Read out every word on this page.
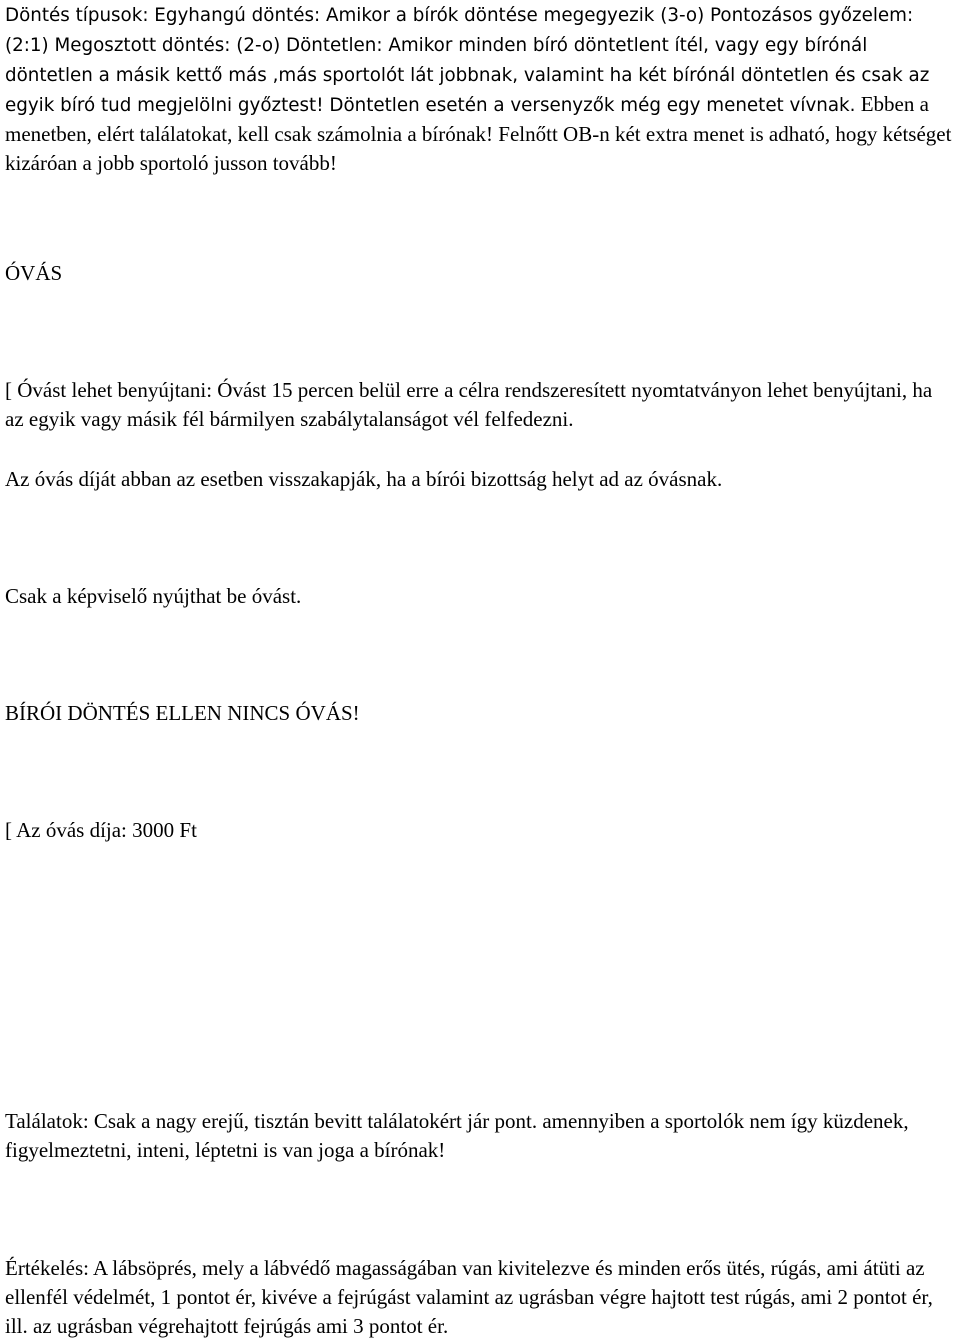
Döntés típusok: Egyhangú döntés: Amikor a bírók döntése megegyezik (3-o) Pontozásos győzelem: (2:1) Megosztott döntés: (2-o) Döntetlen: Amikor minden bíró döntetlent ítél, vagy egy bírónál döntetlen a másik kettő más ,más sportolót lát jobbnak, valamint ha két bírónál döntetlen és csak az egyik bíró tud megjelölni győztest! Döntetlen esetén a versenyzők még egy menetet vívnak. Ebben a menetben, elért találatokat, kell csak számolnia a bírónak! Felnőtt OB-n két extra menet is adható, hogy kétséget kizáróan a jobb sportoló jusson tovább!

ÓVÁS

[ Óvást lehet benyújtani: Óvást 15 percen belül erre a célra rendszeresített nyomtatványon lehet benyújtani, ha az egyik vagy másik fél bármilyen szabálytalanságot vél felfedezni.

Az óvás díját abban az esetben visszakapják, ha a bírói bizottság helyt ad az óvásnak.

Csak a képviselő nyújthat be óvást.

BÍRÓI DÖNTÉS ELLEN NINCS ÓVÁS!

[ Az óvás díja: 3000 Ft

Találatok: Csak a nagy erejű, tisztán bevitt találatokért jár pont. amennyiben a sportolók nem így küzdenek, figyelmeztetni, inteni, léptetni is van joga a bírónak!

Értékelés: A lábsöprés, mely a lábvédő magasságában van kivitelezve és minden erős ütés, rúgás, ami átüti az ellenfél védelmét, 1 pontot ér, kivéve a fejrúgást valamint az ugrásban végre hajtott test rúgás, ami 2 pontot ér, ill. az ugrásban végrehajtott fejrúgás ami 3 pontot ér.
